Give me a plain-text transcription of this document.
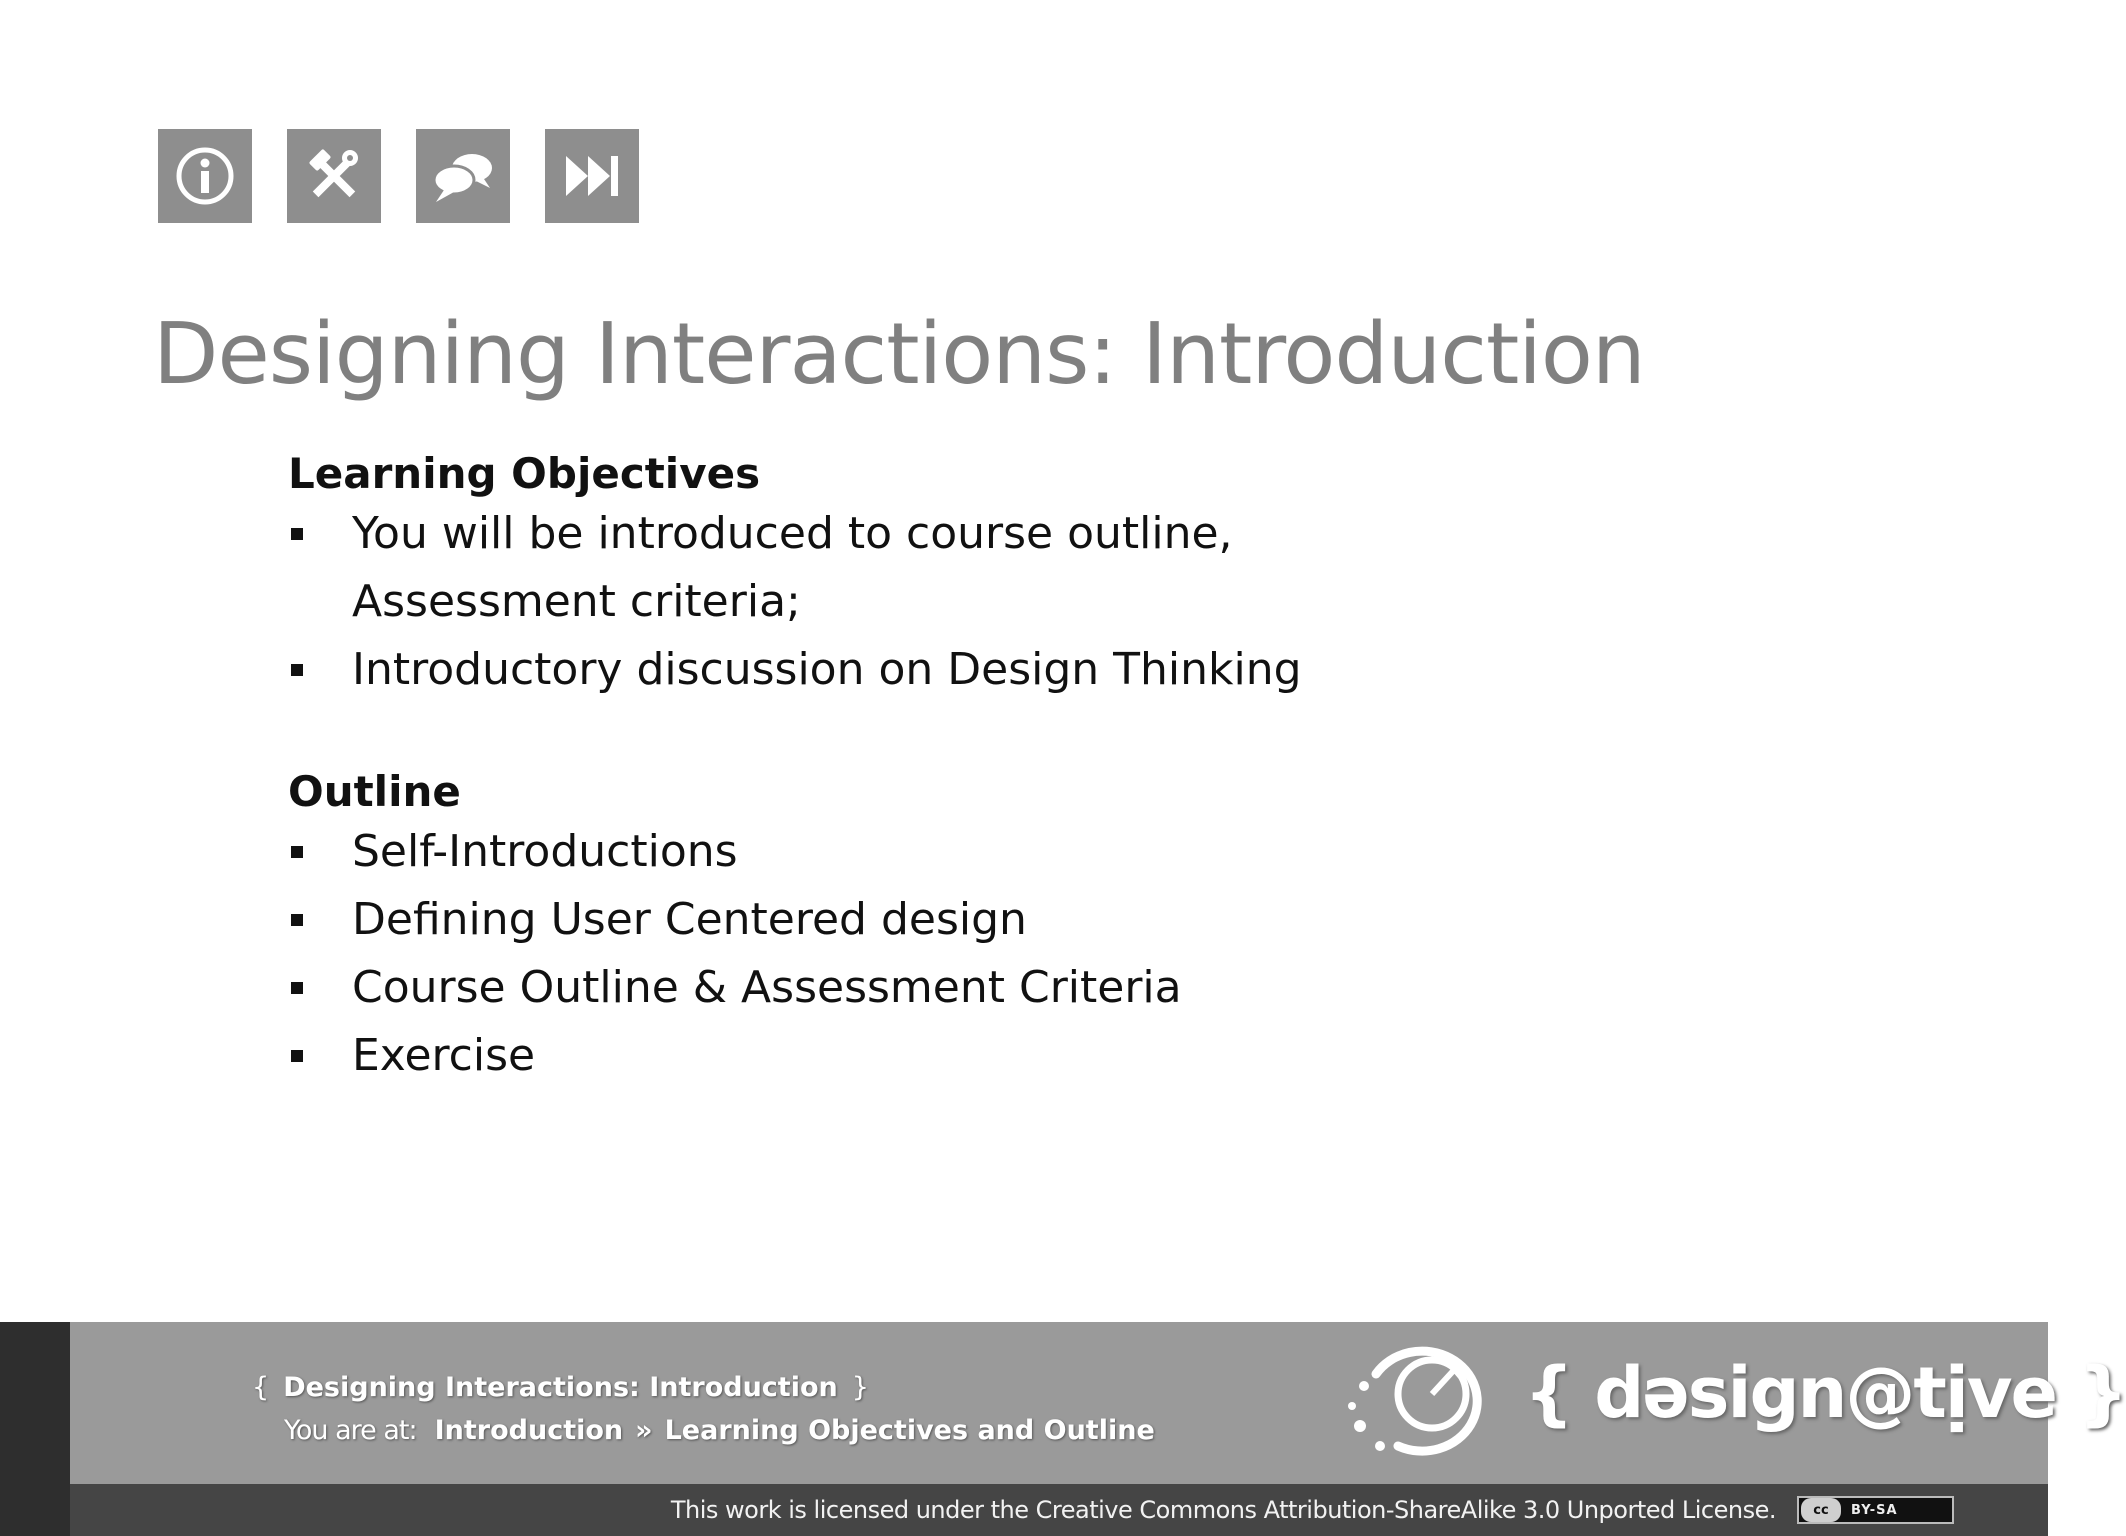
Designing Interactions: Introduction
Learning Objectives
You will be introduced to course outline,
Assessment criteria;
Introductory discussion on Design Thinking
Outline
Self-Introductions
Defining User Centered design
Course Outline & Assessment Criteria
Exercise
{ Designing Interactions: Introduction }
You are at: Introduction » Learning Objectives and Outline	{ dəsign@tịve }
This work is licensed under the Creative Commons Attribution-ShareAlike 3.0 Unported License.	cc	BY-SA
